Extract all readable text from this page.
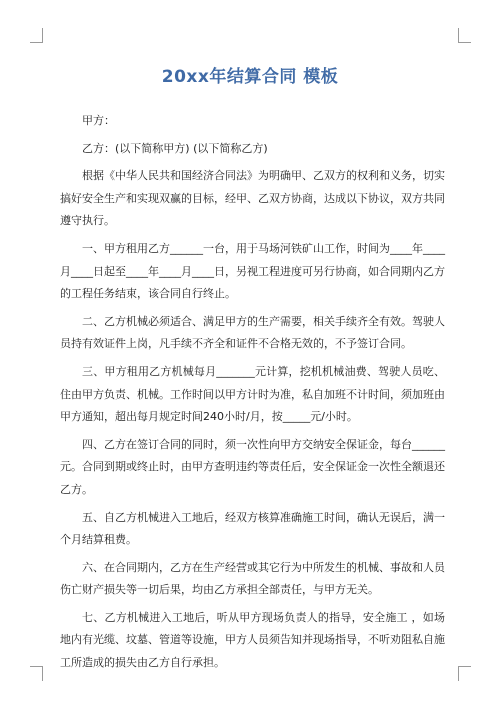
20xx年结算合同 模板

甲方：

乙方：(以下简称甲方) (以下简称乙方)

根据《中华人民共和国经济合同法》为明确甲、乙双方的权利和义务，切实搞好安全生产和实现双赢的目标，经甲、乙双方协商，达成以下协议，双方共同遵守执行。

一、甲方租用乙方______一台，用于马场河铁矿山工作，时间为____年____月____日起至____年____月____日，另视工程进度可另行协商，如合同期内乙方的工程任务结束，该合同自行终止。

二、乙方机械必须适合、满足甲方的生产需要，相关手续齐全有效。驾驶人员持有效证件上岗，凡手续不齐全和证件不合格无效的，不予签订合同。

三、甲方租用乙方机械每月_______元计算，挖机机械油费、驾驶人员吃、住由甲方负责、机械。工作时间以甲方计时为准，私自加班不计时间，须加班由甲方通知，超出每月规定时间240小时/月，按_____元/小时。

四、乙方在签订合同的同时，须一次性向甲方交纳安全保证金，每台______元。合同到期或终止时，由甲方查明违约等责任后，安全保证金一次性全额退还乙方。

五、自乙方机械进入工地后，经双方核算准确施工时间，确认无误后，满一个月结算租费。

六、在合同期内，乙方在生产经营或其它行为中所发生的机械、事故和人员伤亡财产损失等一切后果，均由乙方承担全部责任，与甲方无关。

七、乙方机械进入工地后，听从甲方现场负责人的指导，安全施工 ，如场地内有光缆、坟墓、管道等设施，甲方人员须告知并现场指导，不听劝阻私自施工所造成的损失由乙方自行承担。
